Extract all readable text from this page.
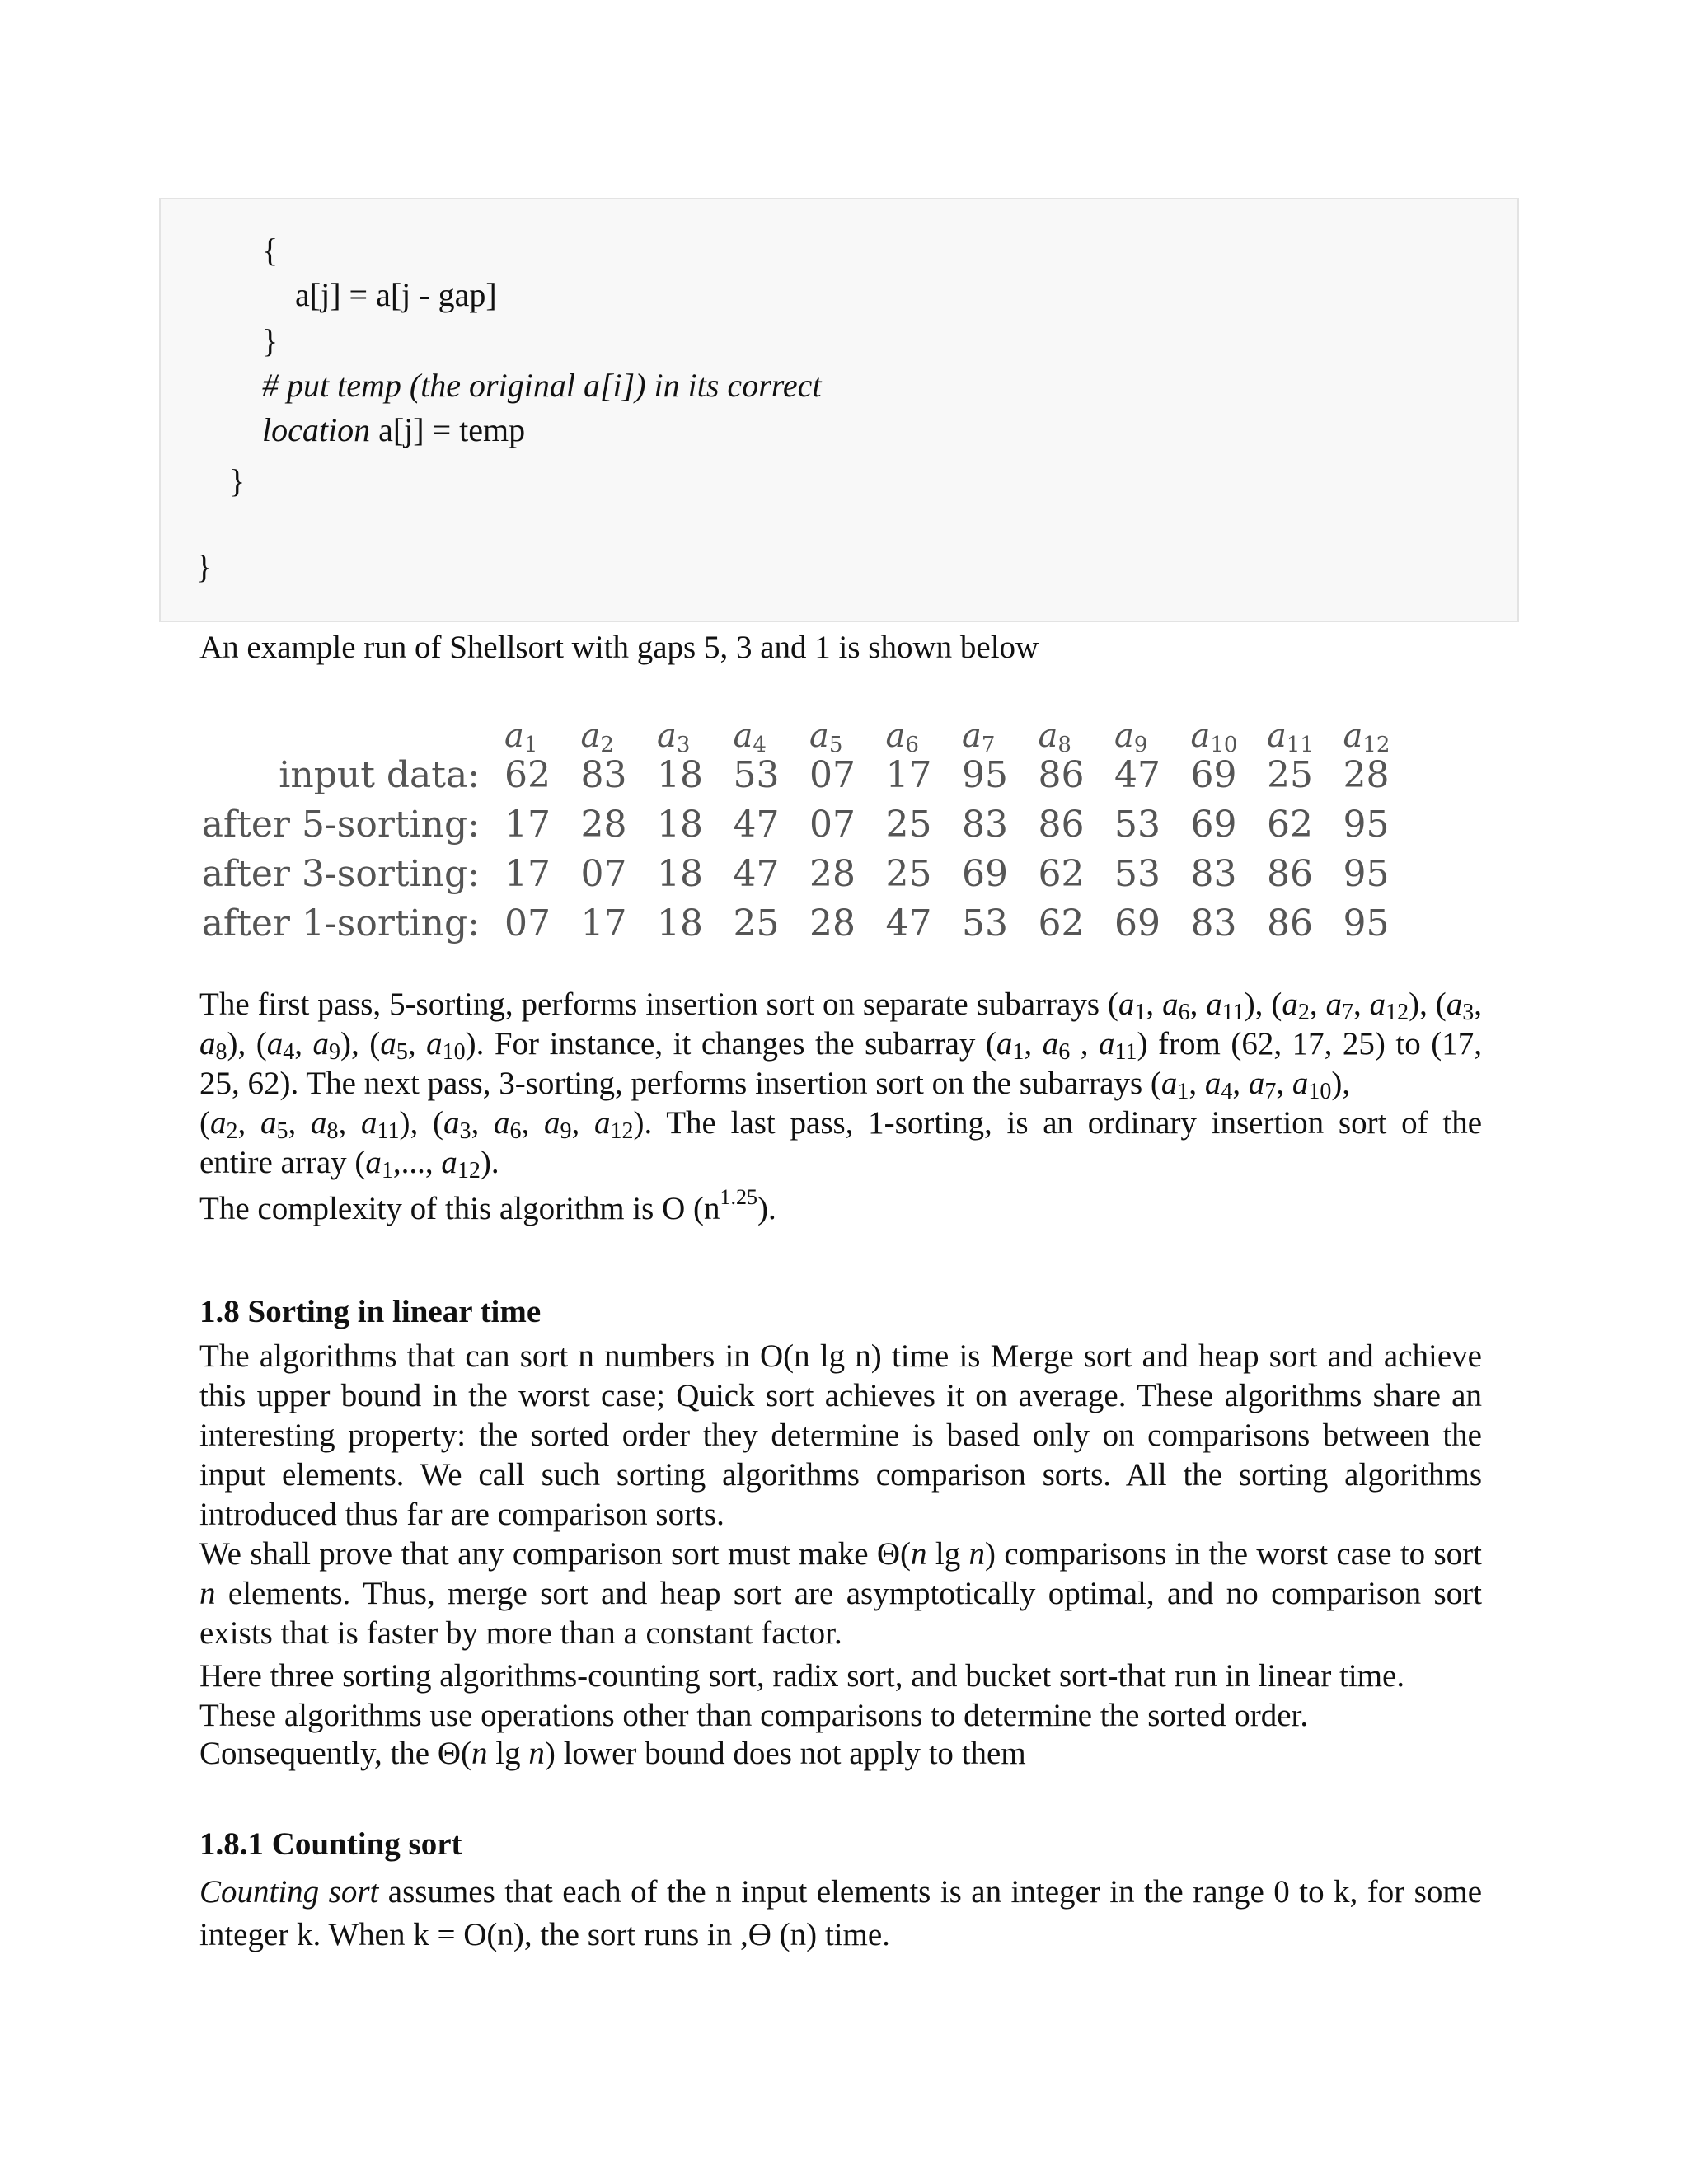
{
a[j] = a[j - gap]
}
# put temp (the original a[i]) in its correct
location a[j] = temp
}
}
An example run of Shellsort with gaps 5, 3 and 1 is shown below
$a_1$ $a_2$ $a_3$ $a_4$ $a_5$ $a_6$ $a_7$ $a_8$ $a_9$ $a_{10}$ $a_{11}$ $a_{12}$
input data: 62 83 18 53 07 17 95 86 47 69 25 28
after 5-sorting: 17 28 18 47 07 25 83 86 53 69 62 95
after 3-sorting: 17 07 18 47 28 25 69 62 53 83 86 95
after 1-sorting: 07 17 18 25 28 47 53 62 69 83 86 95
The first pass, 5-sorting, performs insertion sort on separate subarrays ($a_1$, $a_6$, $a_{11}$), ($a_2$, $a_7$, $a_{12}$), ($a_3$,
$a_8$), ($a_4$, $a_9$), ($a_5$, $a_{10}$). For instance, it changes the subarray ($a_1$, $a_6$ , $a_{11}$) from (62, 17, 25) to (17,
25, 62). The next pass, 3-sorting, performs insertion sort on the subarrays ($a_1$, $a_4$, $a_7$, $a_{10}$),
($a_2$, $a_5$, $a_8$, $a_{11}$), ($a_3$, $a_6$, $a_9$, $a_{12}$). The last pass, 1-sorting, is an ordinary insertion sort of the
entire array ($a_1$,..., $a_{12}$).
The complexity of this algorithm is O $(n^{1.25})$.
1.8 Sorting in linear time
The algorithms that can sort n numbers in O(n lg n) time is Merge sort and heap sort and achieve this upper bound in the worst case; Quick sort achieves it on average. These algorithms share an interesting property: the sorted order they determine is based only on comparisons between the input elements. We call such sorting algorithms comparison sorts. All the sorting algorithms introduced thus far are comparison sorts.
We shall prove that any comparison sort must make Θ(n lg n) comparisons in the worst case to sort n elements. Thus, merge sort and heap sort are asymptotically optimal, and no comparison sort exists that is faster by more than a constant factor.
Here three sorting algorithms-counting sort, radix sort, and bucket sort-that run in linear time.
These algorithms use operations other than comparisons to determine the sorted order.
Consequently, the Θ(n lg n) lower bound does not apply to them
1.8.1 Counting sort
Counting sort assumes that each of the n input elements is an integer in the range 0 to k, for some integer k. When k = O(n), the sort runs in ,Ө (n) time.
